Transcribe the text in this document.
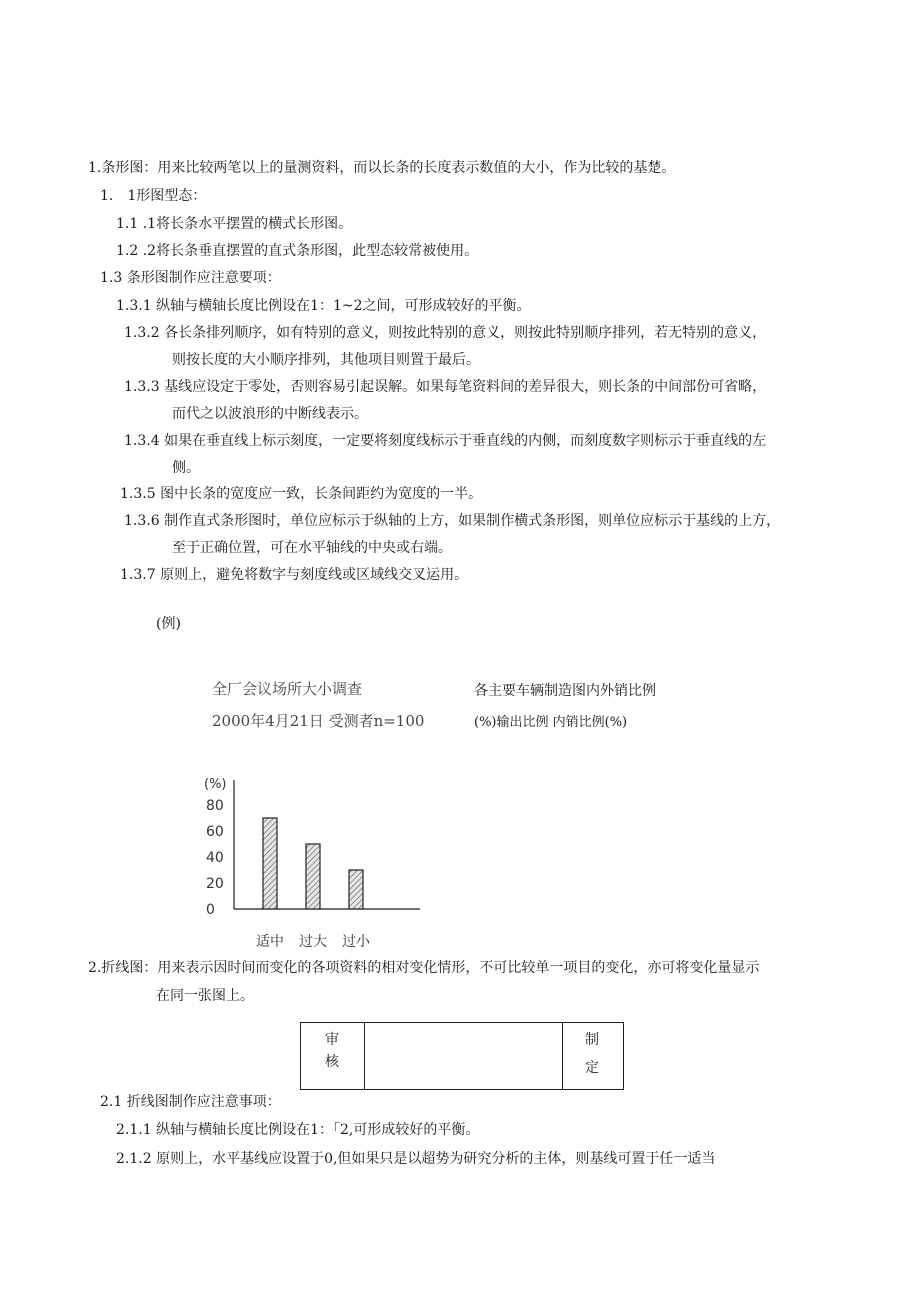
1.条形图：用来比较两笔以上的量测资料，而以长条的长度表示数值的大小，作为比较的基楚。
1． 1形图型态：
1.1 .1将长条水平摆置的横式长形图。
1.2 .2将长条垂直摆置的直式条形图，此型态较常被使用。
1.3 条形图制作应注意要项：
1.3.1 纵轴与横轴长度比例设在1：1~2之间，可形成较好的平衡。
1.3.2 各长条排列顺序，如有特别的意义，则按此特别的意义，则按此特别顺序排列，若无特别的意义，
则按长度的大小顺序排列，其他项目则置于最后。
1.3.3 基线应设定于零处，否则容易引起误解。如果每笔资料间的差异很大，则长条的中间部份可省略，
而代之以波浪形的中断线表示。
1.3.4 如果在垂直线上标示刻度，一定要将刻度线标示于垂直线的内侧，而刻度数字则标示于垂直线的左
侧。
1.3.5 图中长条的宽度应一致，长条间距约为宽度的一半。
1.3.6 制作直式条形图时，单位应标示于纵轴的上方，如果制作横式条形图，则单位应标示于基线的上方，
至于正确位置，可在水平轴线的中央或右端。
1.3.7 原则上，避免将数字与刻度线或区域线交叉运用。
(例)
全厂会议场所大小调查
2000年4月21日 受测者n=100
各主要车辆制造图内外销比例
(%)输出比例 内销比例(%)
(%)
0
20
40
60
80
适中 过大 过小
2.折线图：用来表示因时间而变化的各项资料的相对变化情形，不可比较单一项目的变化，亦可将变化量显示
在同一张图上。
审
核
制
定
2.1 折线图制作应注意事项：
2.1.1 纵轴与横轴长度比例设在1：「2,可形成较好的平衡。
2.1.2 原则上，水平基线应设置于0,但如果只是以超势为研究分析的主体，则基线可置于任一适当
